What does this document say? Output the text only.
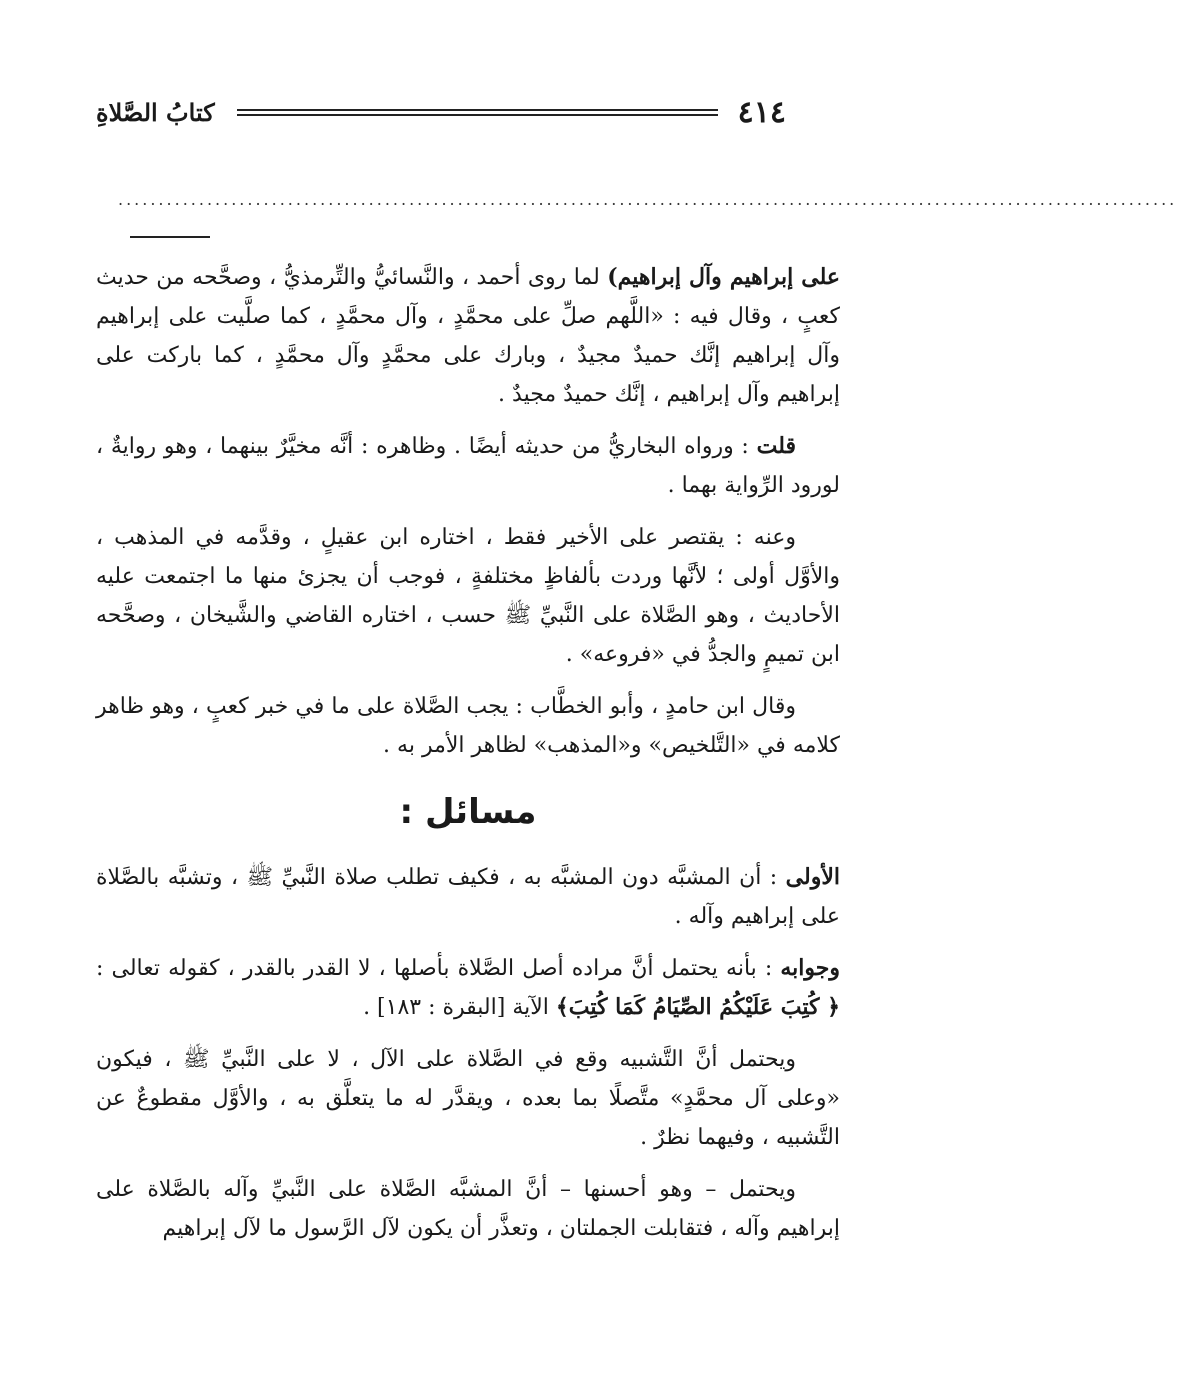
٤١٤
كتابُ الصَّلاةِ
...................................................................................................................................

على إبراهيم وآل إبراهيم) لما روى أحمد ، والنَّسائيُّ والتِّرمذيُّ ، وصحَّحه من حديث كعبٍ ، وقال فيه : «اللَّهم صلِّ على محمَّدٍ ، وآل محمَّدٍ ، كما صلَّيت على إبراهيم وآل إبراهيم إنَّك حميدٌ مجيدٌ ، وبارك على محمَّدٍ وآل محمَّدٍ ، كما باركت على إبراهيم وآل إبراهيم ، إنَّك حميدٌ مجيدٌ .

قلت : ورواه البخاريُّ من حديثه أيضًا . وظاهره : أنَّه مخيَّرٌ بينهما ، وهو روايةٌ ، لورود الرِّواية بهما .

وعنه : يقتصر على الأخير فقط ، اختاره ابن عقيلٍ ، وقدَّمه في المذهب ، والأوَّل أولى ؛ لأنَّها وردت بألفاظٍ مختلفةٍ ، فوجب أن يجزئ منها ما اجتمعت عليه الأحاديث ، وهو الصَّلاة على النَّبيِّ ﷺ حسب ، اختاره القاضي والشَّيخان ، وصحَّحه ابن تميمٍ والجدُّ في «فروعه» .

وقال ابن حامدٍ ، وأبو الخطَّاب : يجب الصَّلاة على ما في خبر كعبٍ ، وهو ظاهر كلامه في «التَّلخيص» و«المذهب» لظاهر الأمر به .

مسائل :

الأولى : أن المشبَّه دون المشبَّه به ، فكيف تطلب صلاة النَّبيِّ ﷺ ، وتشبَّه بالصَّلاة على إبراهيم وآله .

وجوابه : بأنه يحتمل أنَّ مراده أصل الصَّلاة بأصلها ، لا القدر بالقدر ، كقوله تعالى : ﴿ كُتِبَ عَلَيْكُمُ الصِّيَامُ كَمَا كُتِبَ﴾ الآية [البقرة : ١٨٣] .

ويحتمل أنَّ التَّشبيه وقع في الصَّلاة على الآل ، لا على النَّبيِّ ﷺ ، فيكون «وعلى آل محمَّدٍ» متَّصلًا بما بعده ، ويقدَّر له ما يتعلَّق به ، والأوَّل مقطوعٌ عن التَّشبيه ، وفيهما نظرٌ .

ويحتمل – وهو أحسنها – أنَّ المشبَّه الصَّلاة على النَّبيِّ وآله بالصَّلاة على إبراهيم وآله ، فتقابلت الجملتان ، وتعذَّر أن يكون لآل الرَّسول ما لآل إبراهيم
